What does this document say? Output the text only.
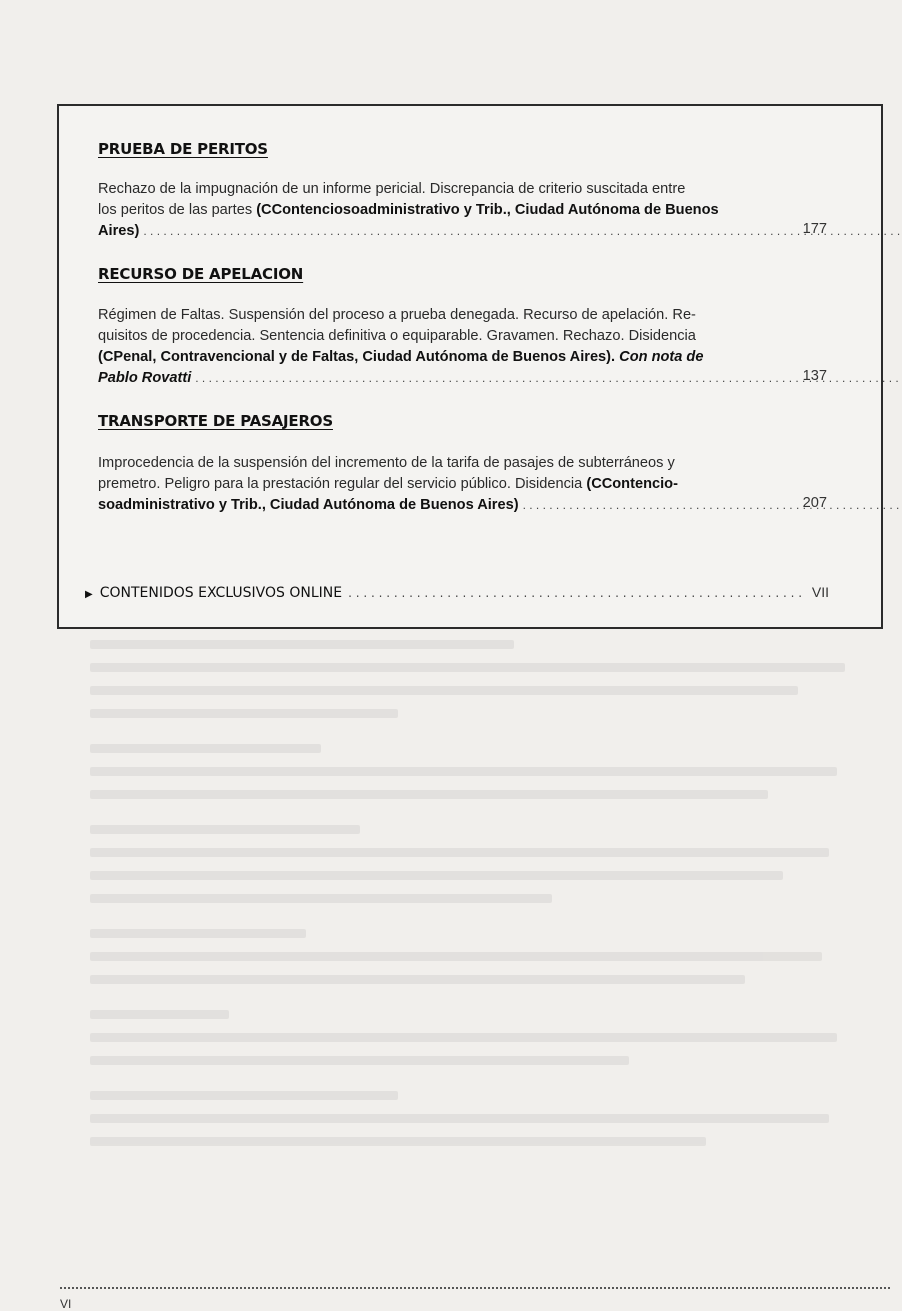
PRUEBA DE PERITOS
Rechazo de la impugnación de un informe pericial. Discrepancia de criterio suscitada entre
los peritos de las partes (CContenciosoadministrativo y Trib., Ciudad Autónoma de Buenos
Aires) . . .	177
RECURSO DE APELACION
Régimen de Faltas. Suspensión del proceso a prueba denegada. Recurso de apelación. Re-
quisitos de procedencia. Sentencia definitiva o equiparable. Gravamen. Rechazo. Disidencia
(CPenal, Contravencional y de Faltas, Ciudad Autónoma de Buenos Aires). Con nota de
Pablo Rovatti . . .	137
TRANSPORTE DE PASAJEROS
Improcedencia de la suspensión del incremento de la tarifa de pasajes de subterráneos y
premetro. Peligro para la prestación regular del servicio público. Disidencia (CContencio-
soadministrativo y Trib., Ciudad Autónoma de Buenos Aires) . . .	207
▶ CONTENIDOS EXCLUSIVOS ONLINE . . .	VII
VI
